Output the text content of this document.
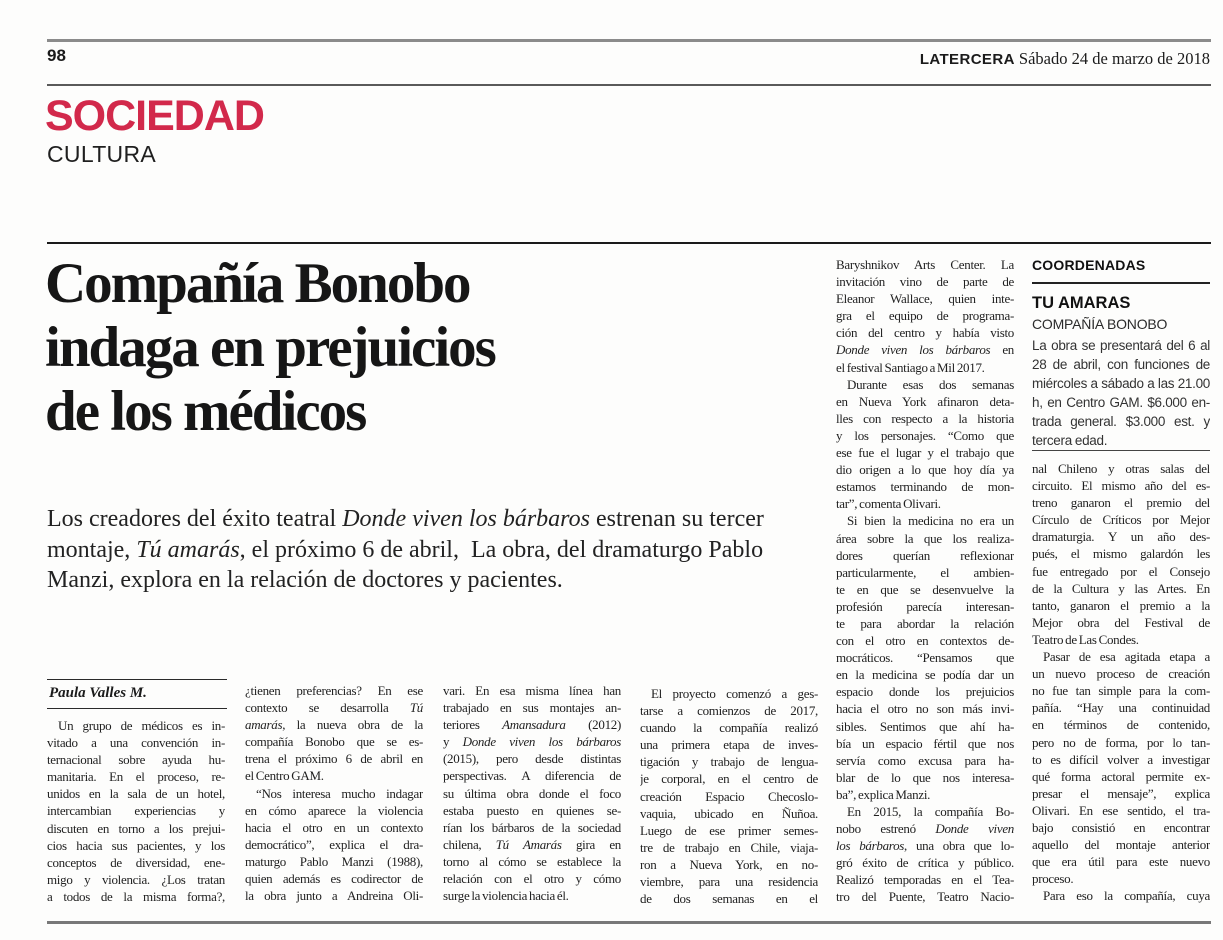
98	LATERCERA Sábado 24 de marzo de 2018
SOCIEDAD
CULTURA
Compañía Bonobo
indaga en prejuicios
de los médicos
Los creadores del éxito teatral Donde viven los bárbaros estrenan su tercer
montaje, Tú amarás, el próximo 6 de abril,  La obra, del dramaturgo Pablo
Manzi, explora en la relación de doctores y pacientes.
Paula Valles M.
Un grupo de médicos es in-
vitado a una convención in-
ternacional sobre ayuda hu-
manitaria. En el proceso, re-
unidos en la sala de un hotel,
intercambian experiencias y
discuten en torno a los prejui-
cios hacia sus pacientes, y los
conceptos de diversidad, ene-
migo y violencia. ¿Los tratan
a todos de la misma forma?,
¿tienen preferencias? En ese
contexto se desarrolla Tú
amarás, la nueva obra de la
compañía Bonobo que se es-
trena el próximo 6 de abril en
el Centro GAM.
“Nos interesa mucho indagar
en cómo aparece la violencia
hacia el otro en un contexto
democrático”, explica el dra-
maturgo Pablo Manzi (1988),
quien además es codirector de
la obra junto a Andreina Oli-
vari. En esa misma línea han
trabajado en sus montajes an-
teriores Amansadura (2012)
y Donde viven los bárbaros
(2015), pero desde distintas
perspectivas. A diferencia de
su última obra donde el foco
estaba puesto en quienes se-
rían los bárbaros de la sociedad
chilena, Tú Amarás gira en
torno al cómo se establece la
relación con el otro y cómo
surge la violencia hacia él.
El proyecto comenzó a ges-
tarse a comienzos de 2017,
cuando la compañía realizó
una primera etapa de inves-
tigación y trabajo de lengua-
je corporal, en el centro de
creación Espacio Checoslo-
vaquia, ubicado en Ñuñoa.
Luego de ese primer semes-
tre de trabajo en Chile, viaja-
ron a Nueva York, en no-
viembre, para una residencia
de dos semanas en el
Baryshnikov Arts Center. La
invitación vino de parte de
Eleanor Wallace, quien inte-
gra el equipo de programa-
ción del centro y había visto
Donde viven los bárbaros en
el festival Santiago a Mil 2017.
Durante esas dos semanas
en Nueva York afinaron deta-
lles con respecto a la historia
y los personajes. “Como que
ese fue el lugar y el trabajo que
dio origen a lo que hoy día ya
estamos terminando de mon-
tar”, comenta Olivari.
Si bien la medicina no era un
área sobre la que los realiza-
dores querían reflexionar
particularmente, el ambien-
te en que se desenvuelve la
profesión parecía interesan-
te para abordar la relación
con el otro en contextos de-
mocráticos. “Pensamos que
en la medicina se podía dar un
espacio donde los prejuicios
hacia el otro no son más invi-
sibles. Sentimos que ahí ha-
bía un espacio fértil que nos
servía como excusa para ha-
blar de lo que nos interesa-
ba”, explica Manzi.
En 2015, la compañía Bo-
nobo estrenó Donde viven
los bárbaros, una obra que lo-
gró éxito de crítica y público.
Realizó temporadas en el Tea-
tro del Puente, Teatro Nacio-
nal Chileno y otras salas del
circuito. El mismo año del es-
treno ganaron el premio del
Círculo de Críticos por Mejor
dramaturgia. Y un año des-
pués, el mismo galardón les
fue entregado por el Consejo
de la Cultura y las Artes. En
tanto, ganaron el premio a la
Mejor obra del Festival de
Teatro de Las Condes.
Pasar de esa agitada etapa a
un nuevo proceso de creación
no fue tan simple para la com-
pañía. “Hay una continuidad
en términos de contenido,
pero no de forma, por lo tan-
to es difícil volver a investigar
qué forma actoral permite ex-
presar el mensaje”, explica
Olivari. En ese sentido, el tra-
bajo consistió en encontrar
aquello del montaje anterior
que era útil para este nuevo
proceso.
Para eso la compañía, cuya
COORDENADAS
TU AMARAS
COMPAÑÍA BONOBO
La obra se presentará del 6 al
28 de abril, con funciones de
miércoles a sábado a las 21.00
h, en Centro GAM. $6.000 en-
trada general. $3.000 est. y
tercera edad.
